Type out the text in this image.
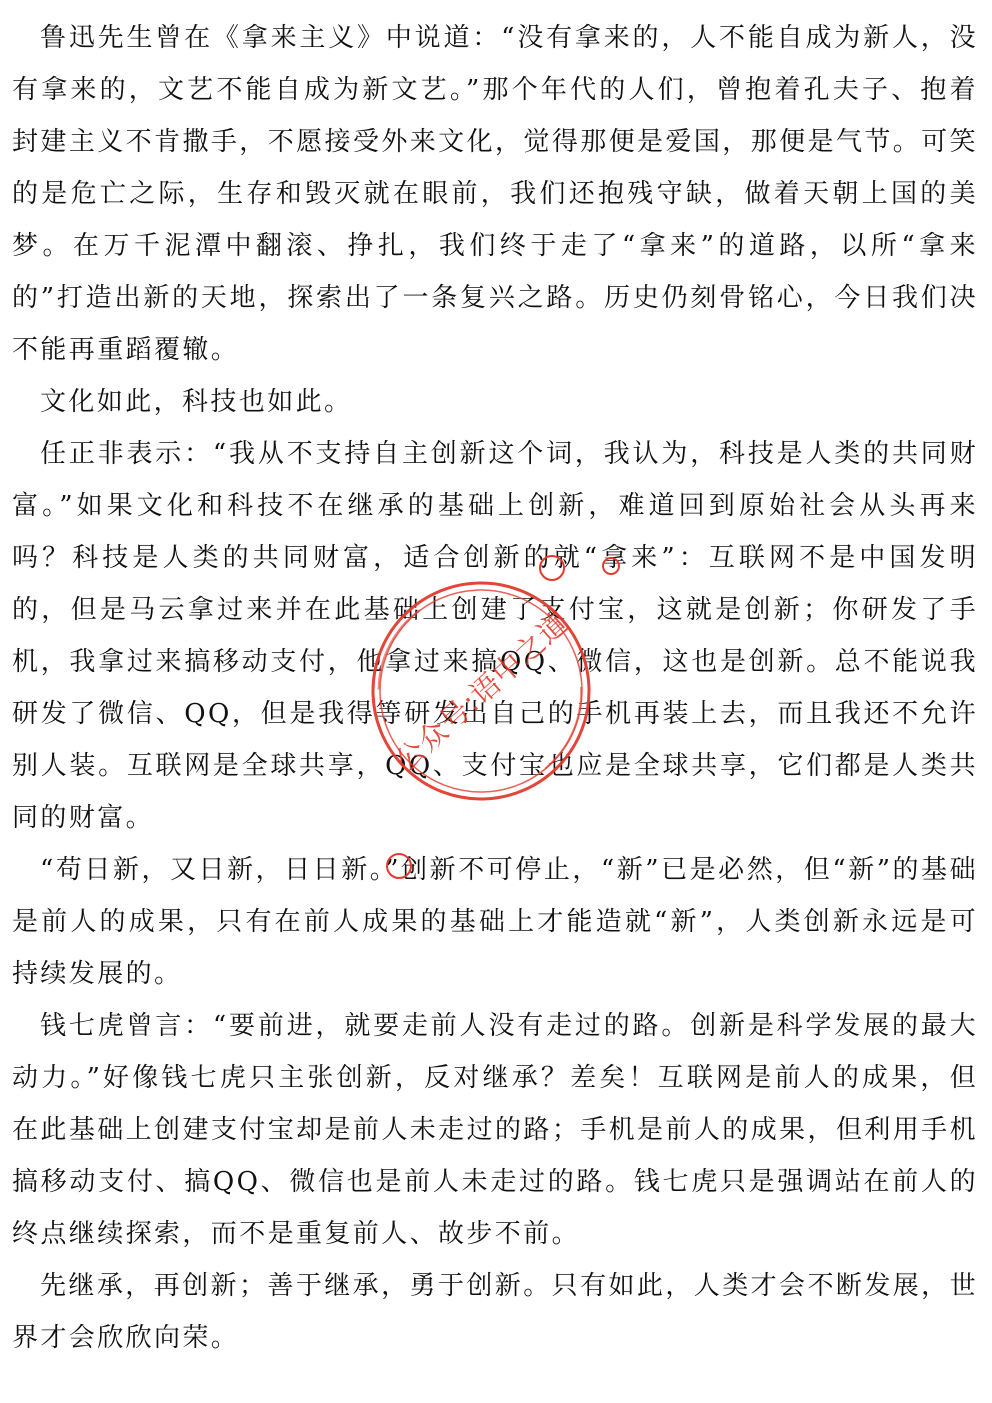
鲁迅先生曾在《拿来主义》中说道：“没有拿来的，人不能自成为新人，没有拿来的，文艺不能自成为新文艺。”那个年代的人们，曾抱着孔夫子、抱着封建主义不肯撒手，不愿接受外来文化，觉得那便是爱国，那便是气节。可笑的是危亡之际，生存和毁灭就在眼前，我们还抱残守缺，做着天朝上国的美梦。在万千泥潭中翻滚、挣扎，我们终于走了“拿来”的道路，以所“拿来的”打造出新的天地，探索出了一条复兴之路。历史仍刻骨铭心，今日我们决不能再重蹈覆辙。

文化如此，科技也如此。

任正非表示：“我从不支持自主创新这个词，我认为，科技是人类的共同财富。”如果文化和科技不在继承的基础上创新，难道回到原始社会从头再来吗？科技是人类的共同财富，适合创新的就“拿来”：互联网不是中国发明的，但是马云拿过来并在此基础上创建了支付宝，这就是创新；你研发了手机，我拿过来搞移动支付，他拿过来搞QQ、微信，这也是创新。总不能说我研发了微信、QQ，但是我得等研发出自己的手机再装上去，而且我还不允许别人装。互联网是全球共享，QQ、支付宝也应是全球共享，它们都是人类共同的财富。

“苟日新，又日新，日日新。”创新不可停止，“新”已是必然，但“新”的基础是前人的成果，只有在前人成果的基础上才能造就“新”，人类创新永远是可持续发展的。

钱七虎曾言：“要前进，就要走前人没有走过的路。创新是科学发展的最大动力。”好像钱七虎只主张创新，反对继承？差矣！互联网是前人的成果，但在此基础上创建支付宝却是前人未走过的路；手机是前人的成果，但利用手机搞移动支付、搞QQ、微信也是前人未走过的路。钱七虎只是强调站在前人的终点继续探索，而不是重复前人、故步不前。

先继承，再创新；善于继承，勇于创新。只有如此，人类才会不断发展，世界才会欣欣向荣。

公众号:语中之道
